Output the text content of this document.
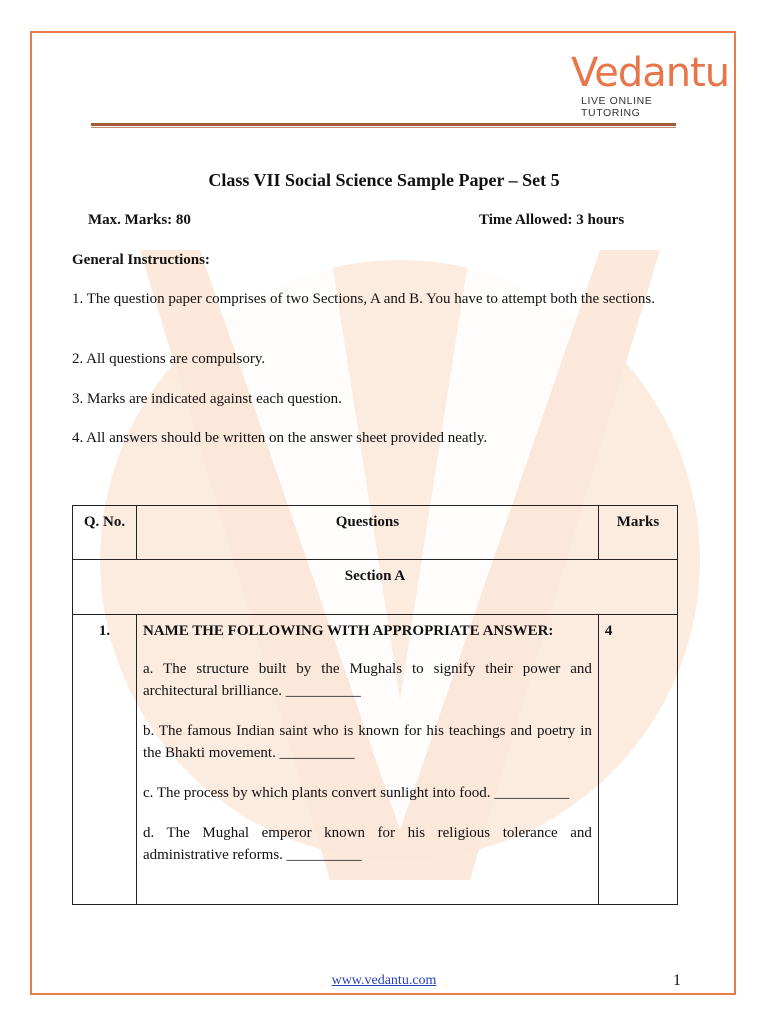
Vedantu
LIVE ONLINE TUTORING
Class VII Social Science Sample Paper – Set 5
Max. Marks: 80	Time Allowed: 3 hours
General Instructions:
1. The question paper comprises of two Sections, A and B. You have to attempt both the sections.
2. All questions are compulsory.
3. Marks are indicated against each question.
4. All answers should be written on the answer sheet provided neatly.
Q. No.	Questions	Marks
Section A		
1.	NAME THE FOLLOWING WITH APPROPRIATE ANSWER:
a. The structure built by the Mughals to signify their power and architectural brilliance. __________
b. The famous Indian saint who is known for his teachings and poetry in the Bhakti movement. __________
c. The process by which plants convert sunlight into food. __________
d. The Mughal emperor known for his religious tolerance and administrative reforms. __________	4
www.vedantu.com	1
